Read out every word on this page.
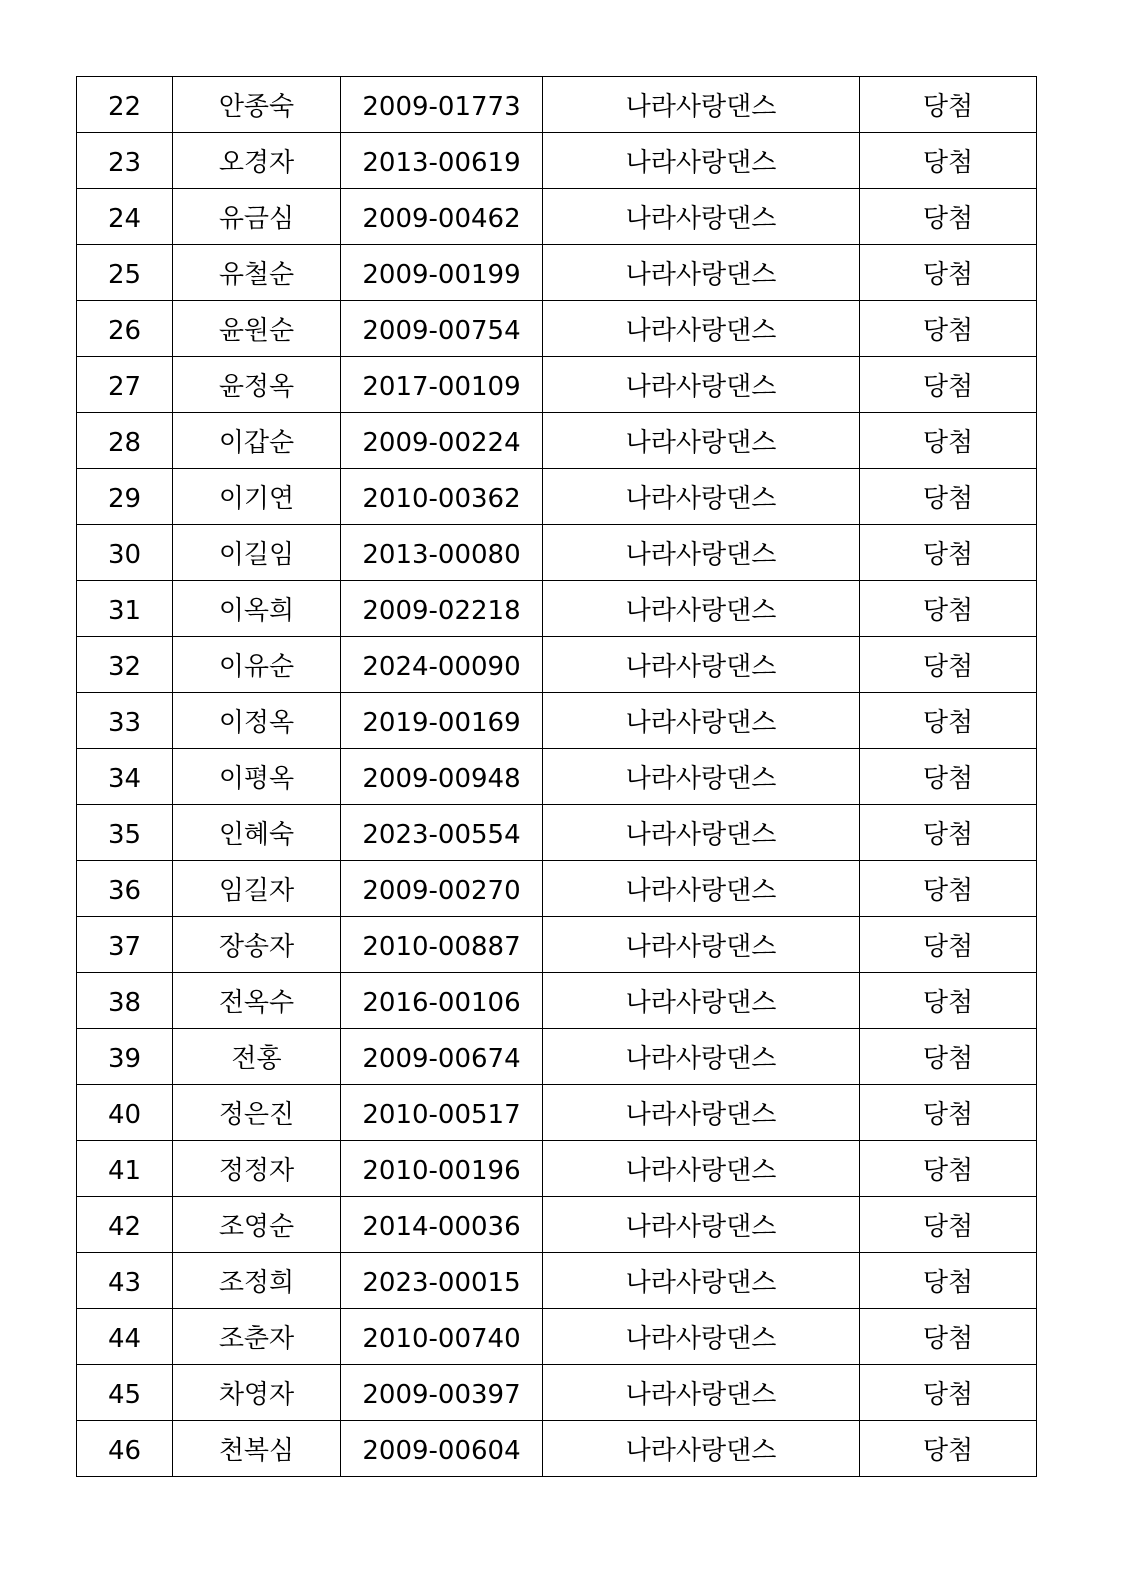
22	안종숙	2009-01773	나라사랑댄스	당첨
23	오경자	2013-00619	나라사랑댄스	당첨
24	유금심	2009-00462	나라사랑댄스	당첨
25	유철순	2009-00199	나라사랑댄스	당첨
26	윤원순	2009-00754	나라사랑댄스	당첨
27	윤정옥	2017-00109	나라사랑댄스	당첨
28	이갑순	2009-00224	나라사랑댄스	당첨
29	이기연	2010-00362	나라사랑댄스	당첨
30	이길임	2013-00080	나라사랑댄스	당첨
31	이옥희	2009-02218	나라사랑댄스	당첨
32	이유순	2024-00090	나라사랑댄스	당첨
33	이정옥	2019-00169	나라사랑댄스	당첨
34	이평옥	2009-00948	나라사랑댄스	당첨
35	인혜숙	2023-00554	나라사랑댄스	당첨
36	임길자	2009-00270	나라사랑댄스	당첨
37	장송자	2010-00887	나라사랑댄스	당첨
38	전옥수	2016-00106	나라사랑댄스	당첨
39	전홍	2009-00674	나라사랑댄스	당첨
40	정은진	2010-00517	나라사랑댄스	당첨
41	정정자	2010-00196	나라사랑댄스	당첨
42	조영순	2014-00036	나라사랑댄스	당첨
43	조정희	2023-00015	나라사랑댄스	당첨
44	조춘자	2010-00740	나라사랑댄스	당첨
45	차영자	2009-00397	나라사랑댄스	당첨
46	천복심	2009-00604	나라사랑댄스	당첨
